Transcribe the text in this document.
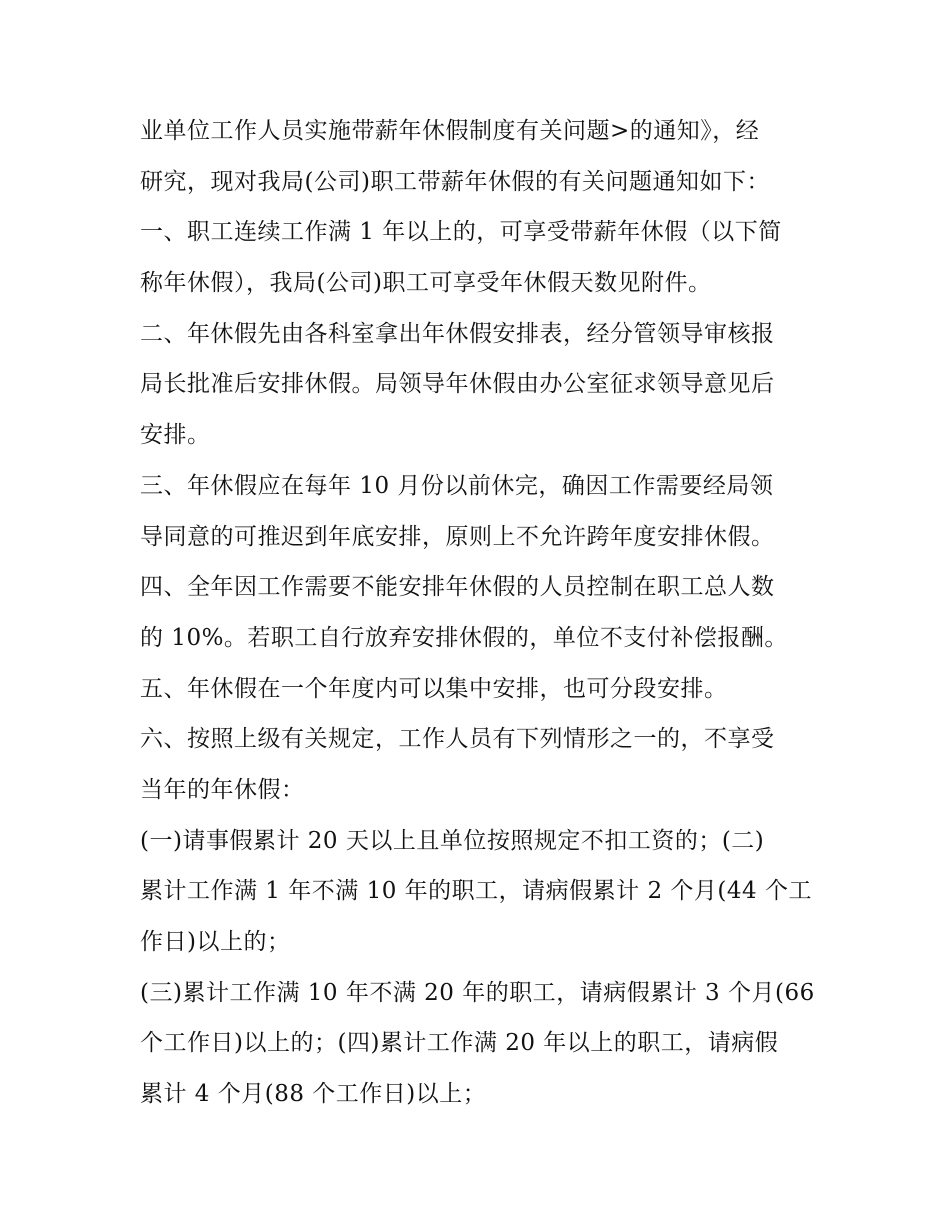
业单位工作人员实施带薪年休假制度有关问题>的通知》，经
研究，现对我局(公司)职工带薪年休假的有关问题通知如下：
一、职工连续工作满 1 年以上的，可享受带薪年休假（以下简
称年休假），我局(公司)职工可享受年休假天数见附件。
二、年休假先由各科室拿出年休假安排表，经分管领导审核报
局长批准后安排休假。局领导年休假由办公室征求领导意见后
安排。
三、年休假应在每年 10 月份以前休完，确因工作需要经局领
导同意的可推迟到年底安排，原则上不允许跨年度安排休假。
四、全年因工作需要不能安排年休假的人员控制在职工总人数
的 10%。若职工自行放弃安排休假的，单位不支付补偿报酬。
五、年休假在一个年度内可以集中安排，也可分段安排。
六、按照上级有关规定，工作人员有下列情形之一的，不享受
当年的年休假：
(一)请事假累计 20 天以上且单位按照规定不扣工资的；(二)
累计工作满 1 年不满 10 年的职工，请病假累计 2 个月(44 个工
作日)以上的；
(三)累计工作满 10 年不满 20 年的职工，请病假累计 3 个月(66
个工作日)以上的；(四)累计工作满 20 年以上的职工，请病假
累计 4 个月(88 个工作日)以上；
